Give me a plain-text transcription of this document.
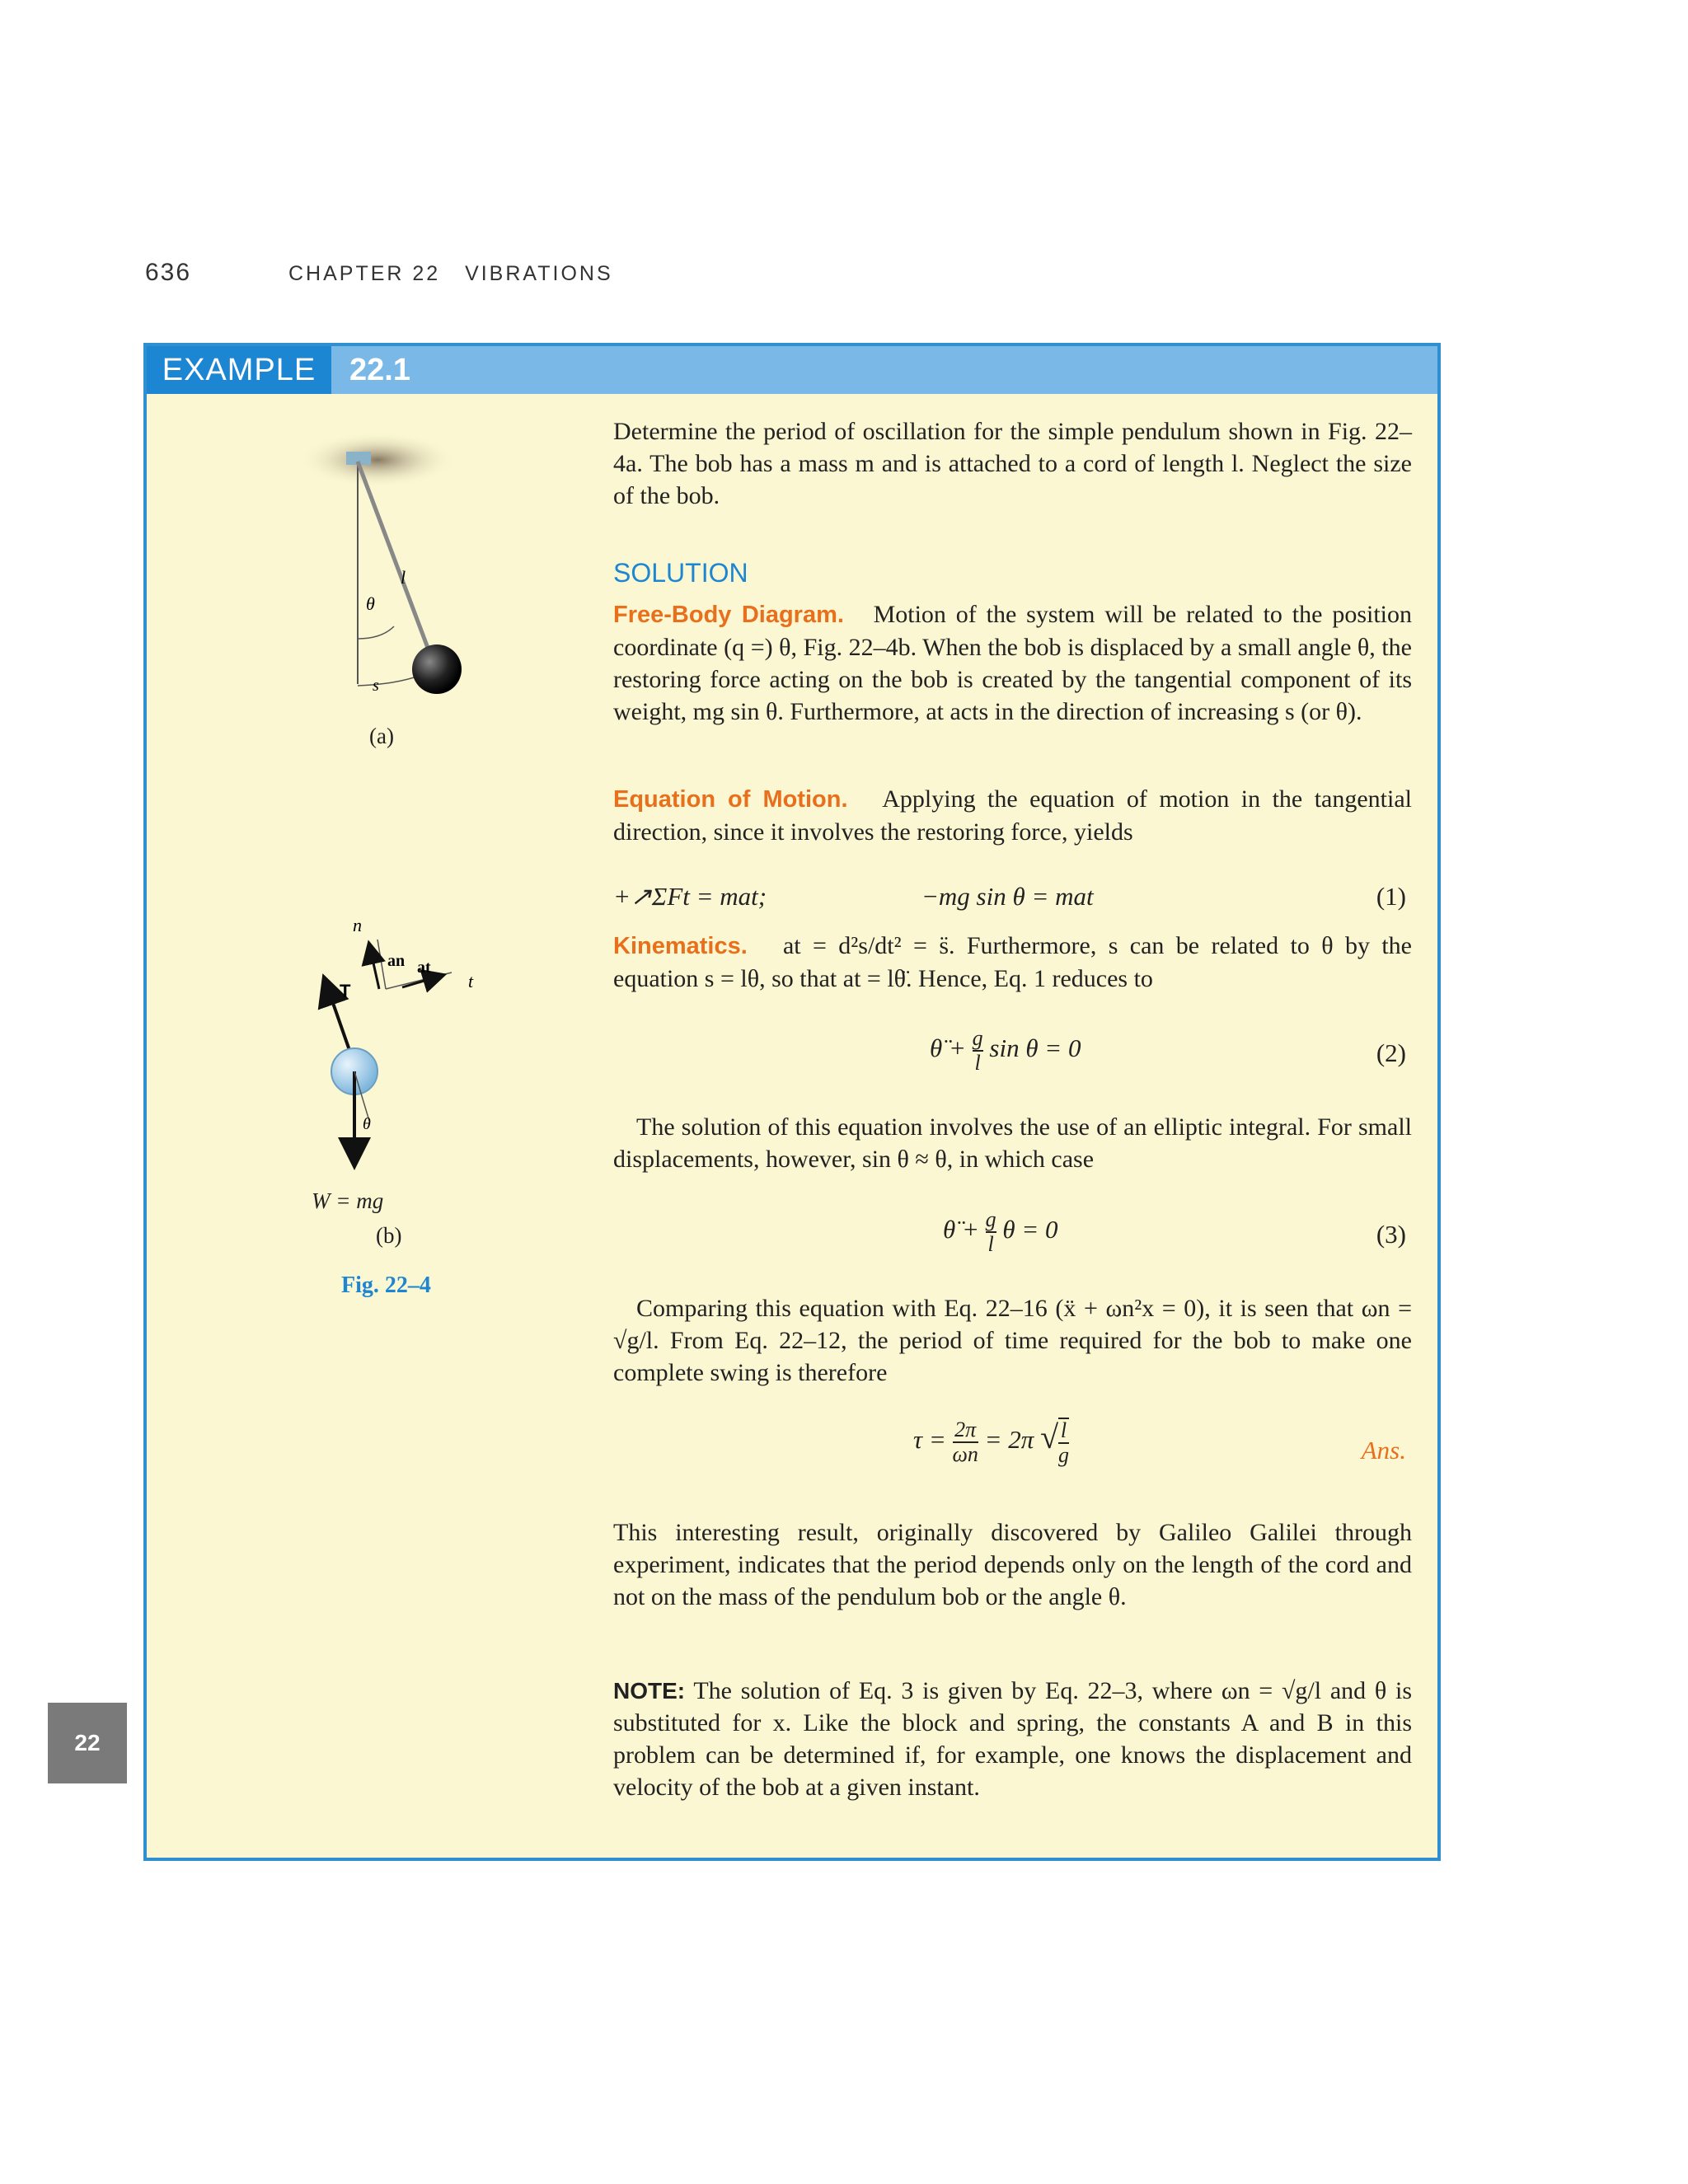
636	CHAPTER 22 VIBRATIONS
EXAMPLE	22.1
θ
l
s
(a)
n
t
T
an at
θ
W = mg
(b)
Fig. 22–4
Determine the period of oscillation for the simple pendulum shown in Fig. 22–4a. The bob has a mass m and is attached to a cord of length l. Neglect the size of the bob.
SOLUTION
Free-Body Diagram. Motion of the system will be related to the position coordinate (q =) θ, Fig. 22–4b. When the bob is displaced by a small angle θ, the restoring force acting on the bob is created by the tangential component of its weight, mg sin θ. Furthermore, at acts in the direction of increasing s (or θ).
Equation of Motion. Applying the equation of motion in the tangential direction, since it involves the restoring force, yields
+↗ΣFt = mat;	−mg sin θ = mat	(1)
Kinematics. at = d²s/dt² = s̈. Furthermore, s can be related to θ by the equation s = lθ, so that at = lθ̈. Hence, Eq. 1 reduces to
θ̈ + $\frac{g}{l}$ sin θ = 0	(2)
The solution of this equation involves the use of an elliptic integral. For small displacements, however, sin θ ≈ θ, in which case
θ̈ + $\frac{g}{l}$ θ = 0	(3)
Comparing this equation with Eq. 22–16 (ẍ + ωn²x = 0), it is seen that ωn = √g/l. From Eq. 22–12, the period of time required for the bob to make one complete swing is therefore
$\tau = \frac{2\pi}{\omega n} = 2\pi$ √ $\frac{l}{g}$	Ans.
This interesting result, originally discovered by Galileo Galilei through experiment, indicates that the period depends only on the length of the cord and not on the mass of the pendulum bob or the angle θ.
NOTE: The solution of Eq. 3 is given by Eq. 22–3, where ωn = √g/l and θ is substituted for x. Like the block and spring, the constants A and B in this problem can be determined if, for example, one knows the displacement and velocity of the bob at a given instant.
22
